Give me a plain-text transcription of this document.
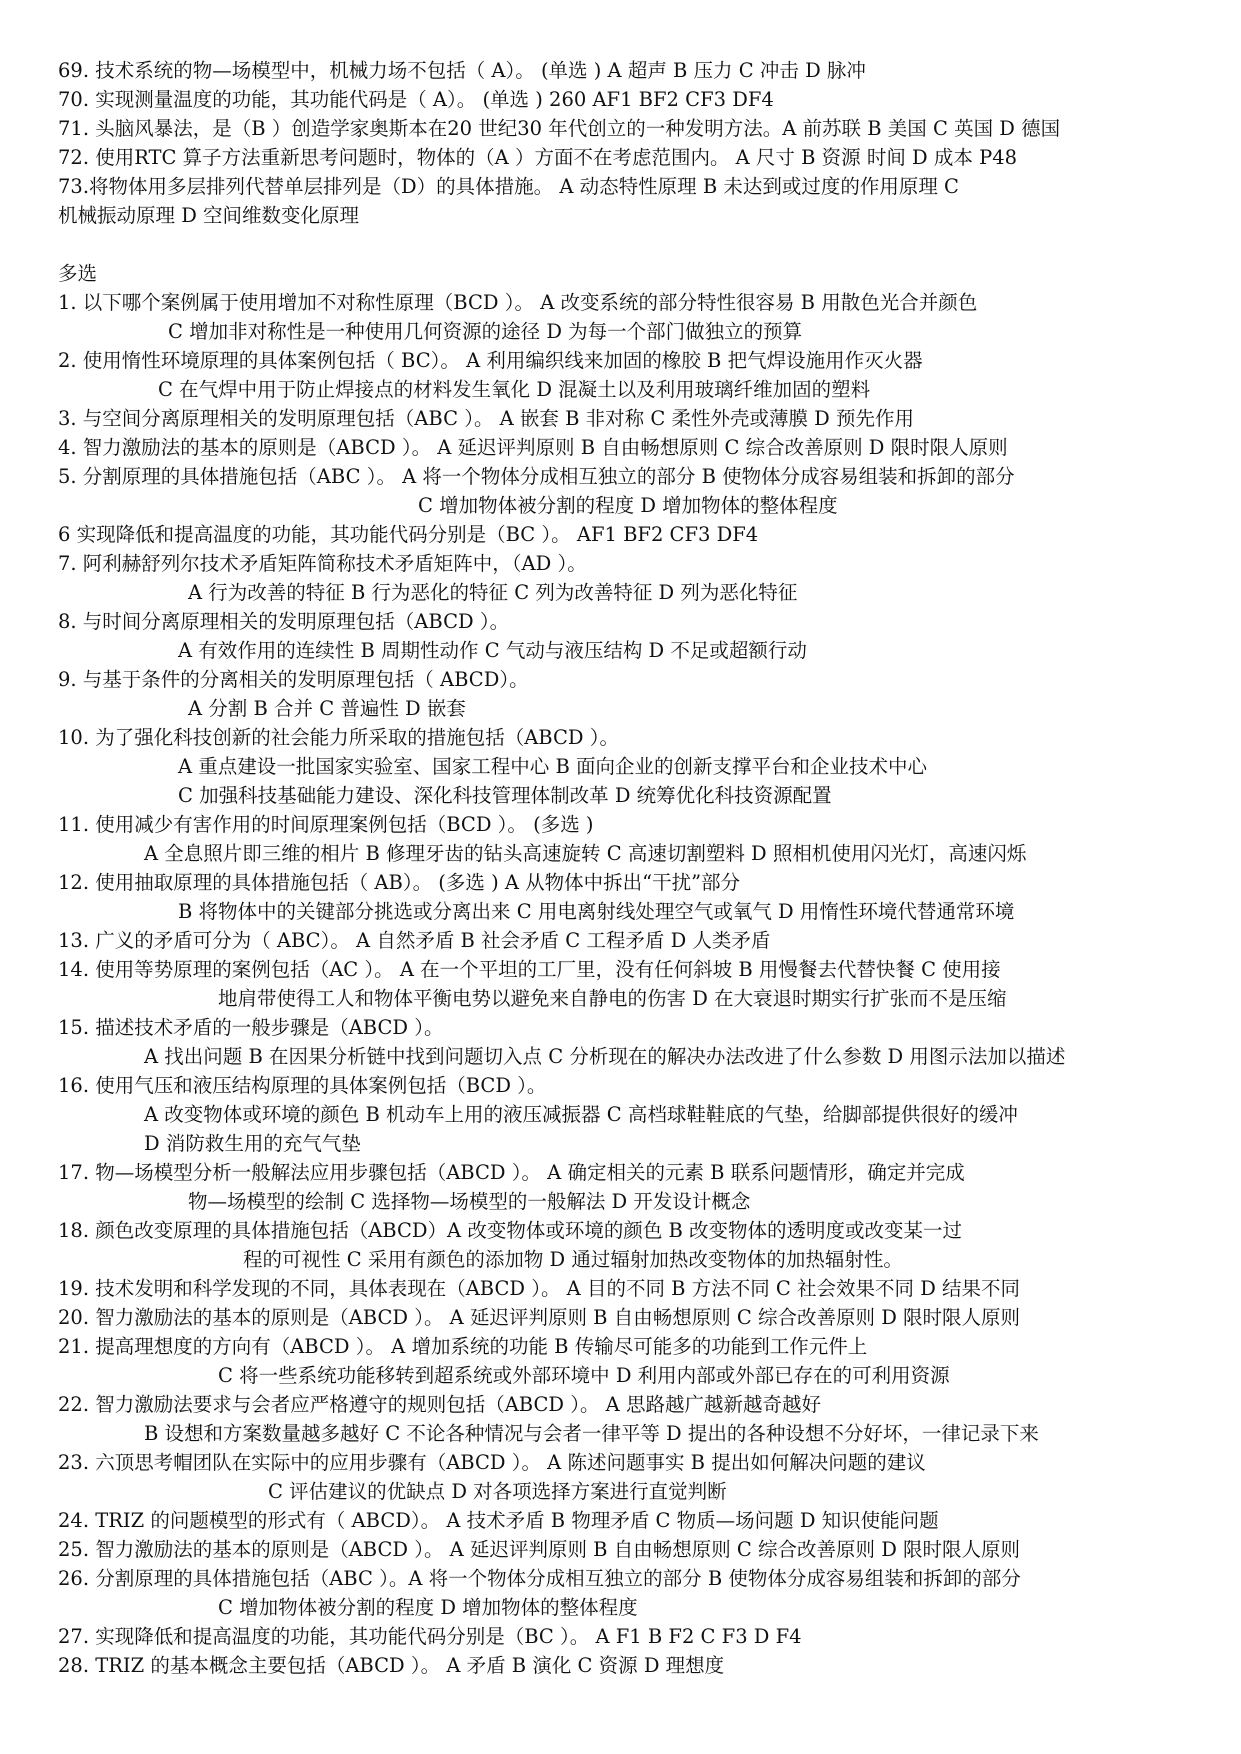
69. 技术系统的物—场模型中，机械力场不包括（ A）。 (单选 ) A 超声 B 压力 C 冲击 D 脉冲
70. 实现测量温度的功能，其功能代码是（ A）。 (单选 ) 260 AF1 BF2 CF3 DF4
71. 头脑风暴法，是（B ）创造学家奥斯本在20 世纪30 年代创立的一种发明方法。A 前苏联 B 美国 C 英国 D 德国
72. 使用RTC 算子方法重新思考问题时，物体的（A ）方面不在考虑范围内。 A 尺寸 B 资源 时间 D 成本 P48
73.将物体用多层排列代替单层排列是（D）的具体措施。 A 动态特性原理 B 未达到或过度的作用原理 C
机械振动原理 D 空间维数变化原理
多选
1. 以下哪个案例属于使用增加不对称性原理（BCD ）。 A 改变系统的部分特性很容易 B 用散色光合并颜色
C 增加非对称性是一种使用几何资源的途径 D 为每一个部门做独立的预算
2. 使用惰性环境原理的具体案例包括（ BC）。 A 利用编织线来加固的橡胶 B 把气焊设施用作灭火器
C 在气焊中用于防止焊接点的材料发生氧化 D 混凝土以及利用玻璃纤维加固的塑料
3. 与空间分离原理相关的发明原理包括（ABC ）。 A 嵌套 B 非对称 C 柔性外壳或薄膜 D 预先作用
4. 智力激励法的基本的原则是（ABCD ）。 A 延迟评判原则 B 自由畅想原则 C 综合改善原则 D 限时限人原则
5. 分割原理的具体措施包括（ABC ）。 A 将一个物体分成相互独立的部分 B 使物体分成容易组装和拆卸的部分
C 增加物体被分割的程度 D 增加物体的整体程度
6 实现降低和提高温度的功能，其功能代码分别是（BC ）。 AF1 BF2 CF3 DF4
7. 阿利赫舒列尔技术矛盾矩阵简称技术矛盾矩阵中，（AD ）。
A 行为改善的特征 B 行为恶化的特征 C 列为改善特征 D 列为恶化特征
8. 与时间分离原理相关的发明原理包括（ABCD ）。
A 有效作用的连续性 B 周期性动作 C 气动与液压结构 D 不足或超额行动
9. 与基于条件的分离相关的发明原理包括（ ABCD）。
A 分割 B 合并 C 普遍性 D 嵌套
10. 为了强化科技创新的社会能力所采取的措施包括（ABCD ）。
A 重点建设一批国家实验室、国家工程中心 B 面向企业的创新支撑平台和企业技术中心
C 加强科技基础能力建设、深化科技管理体制改革 D 统筹优化科技资源配置
11. 使用减少有害作用的时间原理案例包括（BCD ）。 (多选 )
A 全息照片即三维的相片 B 修理牙齿的钻头高速旋转 C 高速切割塑料 D 照相机使用闪光灯，高速闪烁
12. 使用抽取原理的具体措施包括（ AB）。 (多选 ) A 从物体中拆出“干扰”部分
B 将物体中的关键部分挑选或分离出来 C 用电离射线处理空气或氧气 D 用惰性环境代替通常环境
13. 广义的矛盾可分为（ ABC）。 A 自然矛盾 B 社会矛盾 C 工程矛盾 D 人类矛盾
14. 使用等势原理的案例包括（AC ）。 A 在一个平坦的工厂里，没有任何斜坡 B 用慢餐去代替快餐 C 使用接
地肩带使得工人和物体平衡电势以避免来自静电的伤害 D 在大衰退时期实行扩张而不是压缩
15. 描述技术矛盾的一般步骤是（ABCD ）。
A 找出问题 B 在因果分析链中找到问题切入点 C 分析现在的解决办法改进了什么参数 D 用图示法加以描述
16. 使用气压和液压结构原理的具体案例包括（BCD ）。
A 改变物体或环境的颜色 B 机动车上用的液压减振器 C 高档球鞋鞋底的气垫，给脚部提供很好的缓冲
D 消防救生用的充气气垫
17. 物—场模型分析一般解法应用步骤包括（ABCD ）。 A 确定相关的元素 B 联系问题情形，确定并完成
物—场模型的绘制 C 选择物—场模型的一般解法 D 开发设计概念
18. 颜色改变原理的具体措施包括（ABCD）A 改变物体或环境的颜色 B 改变物体的透明度或改变某一过
程的可视性 C 采用有颜色的添加物 D 通过辐射加热改变物体的加热辐射性。
19. 技术发明和科学发现的不同，具体表现在（ABCD ）。 A 目的不同 B 方法不同 C 社会效果不同 D 结果不同
20. 智力激励法的基本的原则是（ABCD ）。 A 延迟评判原则 B 自由畅想原则 C 综合改善原则 D 限时限人原则
21. 提高理想度的方向有（ABCD ）。 A 增加系统的功能 B 传输尽可能多的功能到工作元件上
C 将一些系统功能移转到超系统或外部环境中 D 利用内部或外部已存在的可利用资源
22. 智力激励法要求与会者应严格遵守的规则包括（ABCD ）。 A 思路越广越新越奇越好
B 设想和方案数量越多越好 C 不论各种情况与会者一律平等 D 提出的各种设想不分好坏，一律记录下来
23. 六顶思考帽团队在实际中的应用步骤有（ABCD ）。 A 陈述问题事实 B 提出如何解决问题的建议
C 评估建议的优缺点 D 对各项选择方案进行直觉判断
24. TRIZ 的问题模型的形式有（ ABCD）。 A 技术矛盾 B 物理矛盾 C 物质—场问题 D 知识使能问题
25. 智力激励法的基本的原则是（ABCD ）。 A 延迟评判原则 B 自由畅想原则 C 综合改善原则 D 限时限人原则
26. 分割原理的具体措施包括（ABC ）。A 将一个物体分成相互独立的部分 B 使物体分成容易组装和拆卸的部分
C 增加物体被分割的程度 D 增加物体的整体程度
27. 实现降低和提高温度的功能，其功能代码分别是（BC ）。 A F1 B F2 C F3 D F4
28. TRIZ 的基本概念主要包括（ABCD ）。 A 矛盾 B 演化 C 资源 D 理想度
